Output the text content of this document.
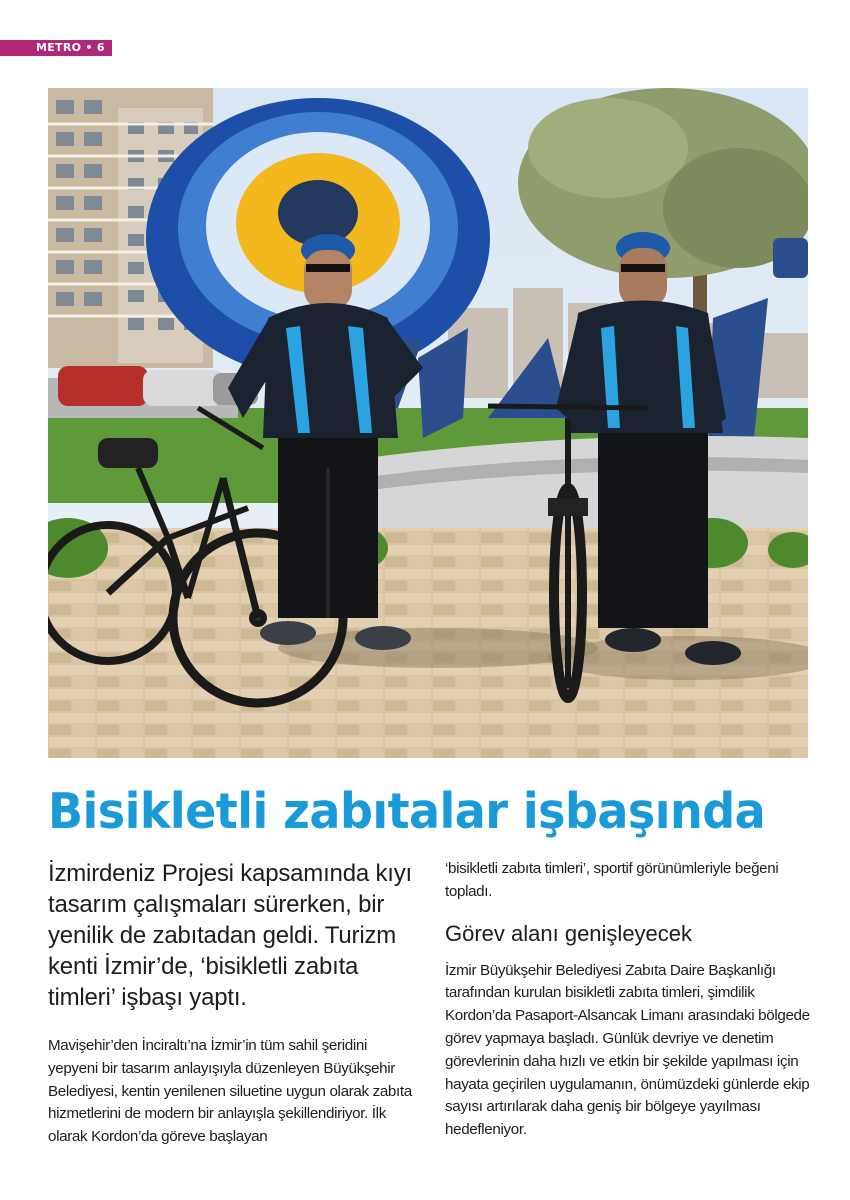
METRO • 6
Bisikletli zabıtalar işbaşında

İzmirdeniz Projesi kapsamında kıyı tasarım çalışmaları sürerken, bir yenilik de zabıtadan geldi. Turizm kenti İzmir’de, ‘bisikletli zabıta timleri’ işbaşı yaptı.

Mavişehir’den İnciraltı’na İzmir’in tüm sahil şeridini yepyeni bir tasarım anlayışıyla düzenleyen Büyükşehir Belediyesi, kentin yenilenen siluetine uygun olarak zabıta hizmetlerini de modern bir anlayışla şekillendiriyor. İlk olarak Kordon’da göreve başlayan

‘bisikletli zabıta timleri’, sportif görünümleriyle beğeni topladı.

Görev alanı genişleyecek

İzmir Büyükşehir Belediyesi Zabıta Daire Başkanlığı tarafından kurulan bisikletli zabıta timleri, şimdilik Kordon’da Pasaport-Alsancak Limanı arasındaki bölgede görev yapmaya başladı. Günlük devriye ve denetim görevlerinin daha hızlı ve etkin bir şekilde yapılması için hayata geçirilen uygulamanın, önümüzdeki günlerde ekip sayısı artırılarak daha geniş bir bölgeye yayılması hedefleniyor.
